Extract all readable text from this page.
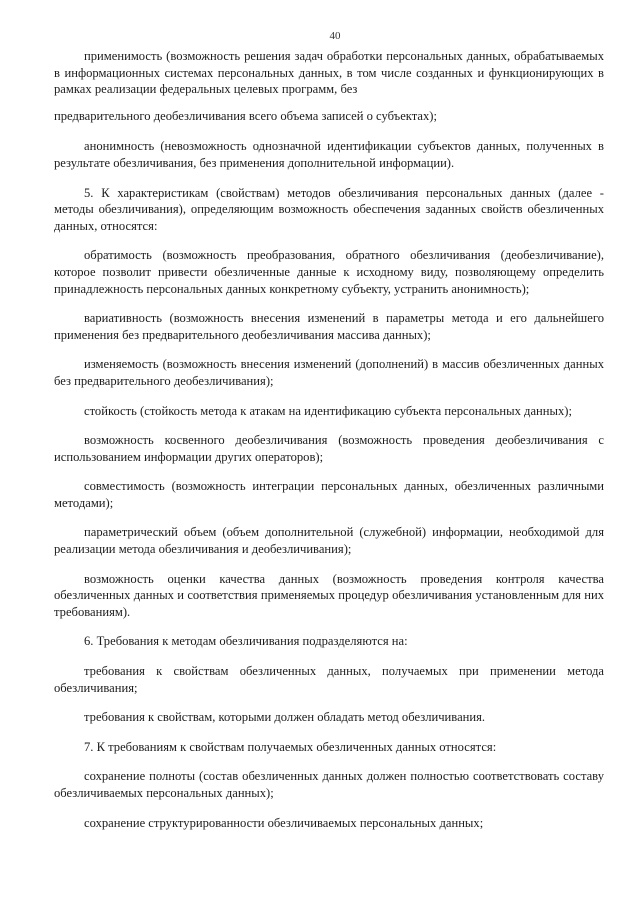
40

применимость (возможность решения задач обработки персональных данных, обрабатываемых в информационных системах персональных данных, в том числе созданных и функционирующих в рамках реализации федеральных целевых программ, без

предварительного деобезличивания всего объема записей о субъектах);

анонимность (невозможность однозначной идентификации субъектов данных, полученных в результате обезличивания, без применения дополнительной информации).

5. К характеристикам (свойствам) методов обезличивания персональных данных (далее - методы обезличивания), определяющим возможность обеспечения заданных свойств обезличенных данных, относятся:

обратимость (возможность преобразования, обратного обезличивания (деобезличивание), которое позволит привести обезличенные данные к исходному виду, позволяющему определить принадлежность персональных данных конкретному субъекту, устранить анонимность);

вариативность (возможность внесения изменений в параметры метода и его дальнейшего применения без предварительного деобезличивания массива данных);

изменяемость (возможность внесения изменений (дополнений) в массив обезличенных данных без предварительного деобезличивания);

стойкость (стойкость метода к атакам на идентификацию субъекта персональных данных);

возможность косвенного деобезличивания (возможность проведения деобезличивания с использованием информации других операторов);

совместимость (возможность интеграции персональных данных, обезличенных различными методами);

параметрический объем (объем дополнительной (служебной) информации, необходимой для реализации метода обезличивания и деобезличивания);

возможность оценки качества данных (возможность проведения контроля качества обезличенных данных и соответствия применяемых процедур обезличивания установленным для них требованиям).

6. Требования к методам обезличивания подразделяются на:

требования к свойствам обезличенных данных, получаемых при применении метода обезличивания;

требования к свойствам, которыми должен обладать метод обезличивания.

7. К требованиям к свойствам получаемых обезличенных данных относятся:

сохранение полноты (состав обезличенных данных должен полностью соответствовать составу обезличиваемых персональных данных);

сохранение структурированности обезличиваемых персональных данных;
